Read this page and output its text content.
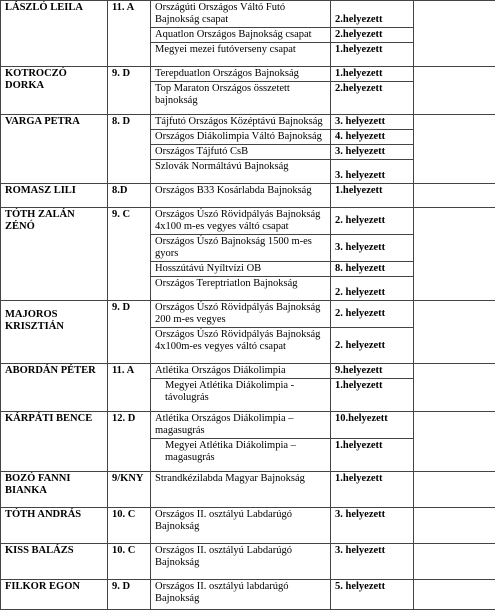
LÁSZLÓ LEILA	11. A	Országúti Országos Váltó Futó Bajnokság csapat	2.helyezett	
		Aquatlon Országos Bajnokság csapat	2.helyezett	
		Megyei mezei futóverseny csapat	1.helyezett	
KOTROCZÓ DORKA	9. D	Terepduatlon Országos Bajnokság	1.helyezett	
		Top Maraton Országos összetett bajnokság	2.helyezett	
VARGA PETRA	8. D	Tájfutó Országos Középtávú Bajnokság	3. helyezett	
		Országos Diákolimpia Váltó Bajnokság	4. helyezett	
		Országos Tájfutó CsB	3. helyezett	
		Szlovák Normáltávú Bajnokság	3. helyezett	
ROMASZ LILI	8.D	Országos B33 Kosárlabda Bajnokság	1.helyezett	
TÓTH ZALÁN ZÉNÓ	9. C	Országos Úszó Rövidpályás Bajnokság 4x100 m-es vegyes váltó csapat	2. helyezett	
		Országos Úszó Bajnokság 1500 m-es gyors	3. helyezett	
		Hosszútávú Nyíltvízi OB	8. helyezett	
		Országos Tereptriatlon Bajnokság	2. helyezett	
MAJOROS KRISZTIÁN	9. D	Országos Úszó Rövidpályás Bajnokság 200 m-es vegyes	2. helyezett	
		Országos Úszó Rövidpályás Bajnokság 4x100m-es vegyes váltó csapat	2. helyezett	
ABORDÁN PÉTER	11. A	Atlétika Országos Diákolimpia	9.helyezett	
		Megyei Atlétika Diákolimpia - távolugrás	1.helyezett	
KÁRPÁTI BENCE	12. D	Atlétika Országos Diákolimpia – magasugrás	10.helyezett	
		Megyei Atlétika Diákolimpia – magasugrás	1.helyezett	
BOZÓ FANNI BIANKA	9/KNY	Strandkézilabda Magyar Bajnokság	1.helyezett	
TÓTH ANDRÁS	10. C	Országos II. osztályú Labdarúgó Bajnokság	3. helyezett	
KISS BALÁZS	10. C	Országos II. osztályú Labdarúgó Bajnokság	3. helyezett	
FILKOR EGON	9. D	Országos II. osztályú labdarúgó Bajnokság	5. helyezett	
